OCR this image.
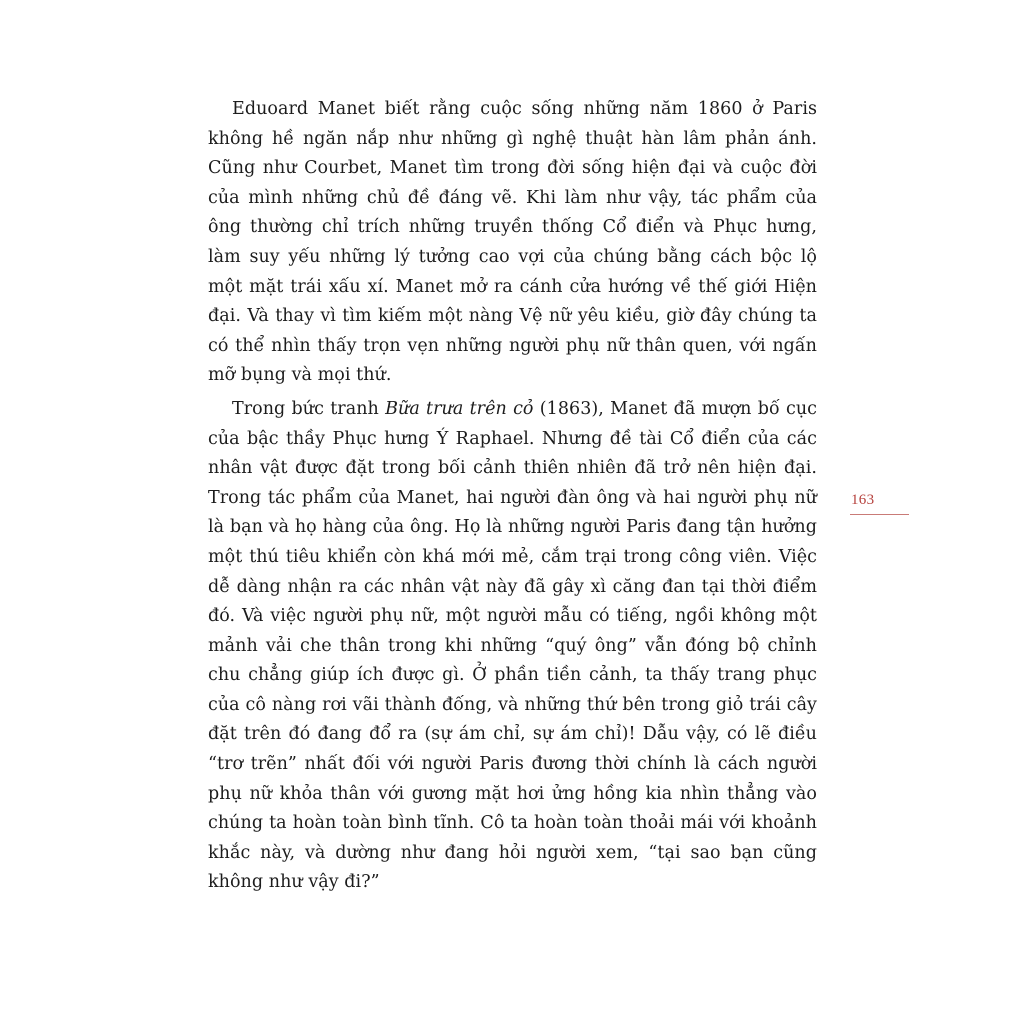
Eduoard Manet biết rằng cuộc sống những năm 1860 ở Paris không hề ngăn nắp như những gì nghệ thuật hàn lâm phản ánh. Cũng như Courbet, Manet tìm trong đời sống hiện đại và cuộc đời của mình những chủ đề đáng vẽ. Khi làm như vậy, tác phẩm của ông thường chỉ trích những truyền thống Cổ điển và Phục hưng, làm suy yếu những lý tưởng cao vợi của chúng bằng cách bộc lộ một mặt trái xấu xí. Manet mở ra cánh cửa hướng về thế giới Hiện đại. Và thay vì tìm kiếm một nàng Vệ nữ yêu kiều, giờ đây chúng ta có thể nhìn thấy trọn vẹn những người phụ nữ thân quen, với ngấn mỡ bụng và mọi thứ.

Trong bức tranh Bữa trưa trên cỏ (1863), Manet đã mượn bố cục của bậc thầy Phục hưng Ý Raphael. Nhưng đề tài Cổ điển của các nhân vật được đặt trong bối cảnh thiên nhiên đã trở nên hiện đại. Trong tác phẩm của Manet, hai người đàn ông và hai người phụ nữ là bạn và họ hàng của ông. Họ là những người Paris đang tận hưởng một thú tiêu khiển còn khá mới mẻ, cắm trại trong công viên. Việc dễ dàng nhận ra các nhân vật này đã gây xì căng đan tại thời điểm đó. Và việc người phụ nữ, một người mẫu có tiếng, ngồi không một mảnh vải che thân trong khi những “quý ông” vẫn đóng bộ chỉnh chu chẳng giúp ích được gì. Ở phần tiền cảnh, ta thấy trang phục của cô nàng rơi vãi thành đống, và những thứ bên trong giỏ trái cây đặt trên đó đang đổ ra (sự ám chỉ, sự ám chỉ)! Dẫu vậy, có lẽ điều “trơ trẽn” nhất đối với người Paris đương thời chính là cách người phụ nữ khỏa thân với gương mặt hơi ửng hồng kia nhìn thẳng vào chúng ta hoàn toàn bình tĩnh. Cô ta hoàn toàn thoải mái với khoảnh khắc này, và dường như đang hỏi người xem, “tại sao bạn cũng không như vậy đi?”

163
